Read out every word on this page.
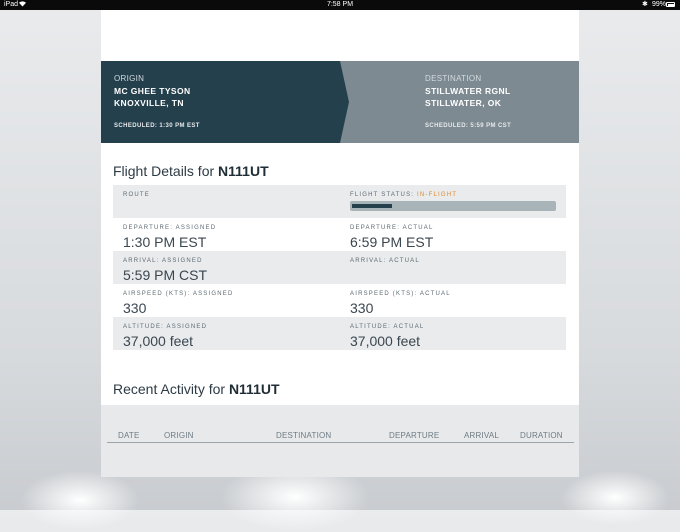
iPad	7:58 PM	✱ 99%
ORIGIN
MC GHEE TYSON
KNOXVILLE, TN
SCHEDULED: 1:30 PM EST
DESTINATION
STILLWATER RGNL
STILLWATER, OK
SCHEDULED: 5:59 PM CST
Flight Details for N111UT
ROUTE	FLIGHT STATUS: IN-FLIGHT
DEPARTURE: ASSIGNED
1:30 PM EST
DEPARTURE: ACTUAL
6:59 PM EST
ARRIVAL: ASSIGNED
5:59 PM CST
ARRIVAL: ACTUAL
AIRSPEED (KTS): ASSIGNED
330
AIRSPEED (KTS): ACTUAL
330
ALTITUDE: ASSIGNED
37,000 feet
ALTITUDE: ACTUAL
37,000 feet
Recent Activity for N111UT
DATE	ORIGIN	DESTINATION	DEPARTURE	ARRIVAL	DURATION
